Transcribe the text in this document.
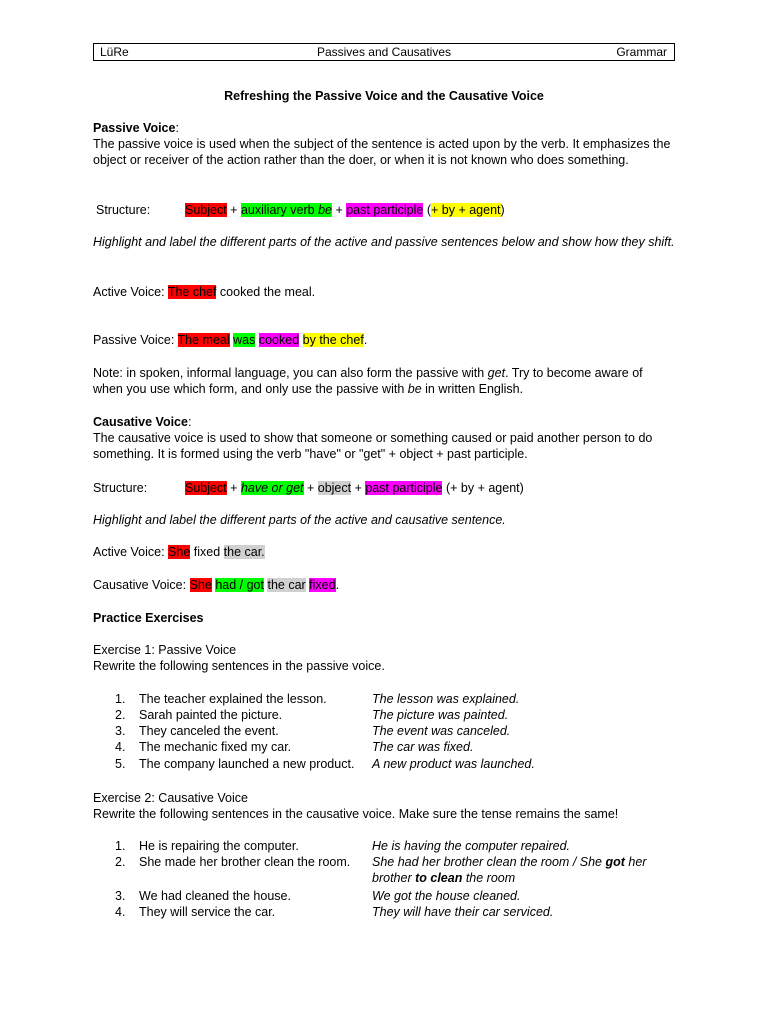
LüRe	Passives and Causatives	Grammar
Refreshing the Passive Voice and the Causative Voice
Passive Voice:
The passive voice is used when the subject of the sentence is acted upon by the verb. It emphasizes the object or receiver of the action rather than the doer, or when it is not known who does something.
Structure:	Subject + auxiliary verb be + past participle (+ by + agent)
Highlight and label the different parts of the active and passive sentences below and show how they shift.
Active Voice: The chef cooked the meal.
Passive Voice: The meal was cooked by the chef.
Note: in spoken, informal language, you can also form the passive with get. Try to become aware of when you use which form, and only use the passive with be in written English.
Causative Voice:
The causative voice is used to show that someone or something caused or paid another person to do something. It is formed using the verb "have" or "get" + object + past participle.
Structure:	Subject + have or get + object + past participle (+ by + agent)
Highlight and label the different parts of the active and causative sentence.
Active Voice: She fixed the car.
Causative Voice: She had / got the car fixed.
Practice Exercises
Exercise 1: Passive Voice
Rewrite the following sentences in the passive voice.
1. The teacher explained the lesson.	The lesson was explained.
2. Sarah painted the picture.	The picture was painted.
3. They canceled the event.	The event was canceled.
4. The mechanic fixed my car.	The car was fixed.
5. The company launched a new product. A new product was launched.
Exercise 2: Causative Voice
Rewrite the following sentences in the causative voice. Make sure the tense remains the same!
1. He is repairing the computer.	He is having the computer repaired.
2. She made her brother clean the room. She had her brother clean the room / She got her brother to clean the room
3. We had cleaned the house.	We got the house cleaned.
4. They will service the car.	They will have their car serviced.
